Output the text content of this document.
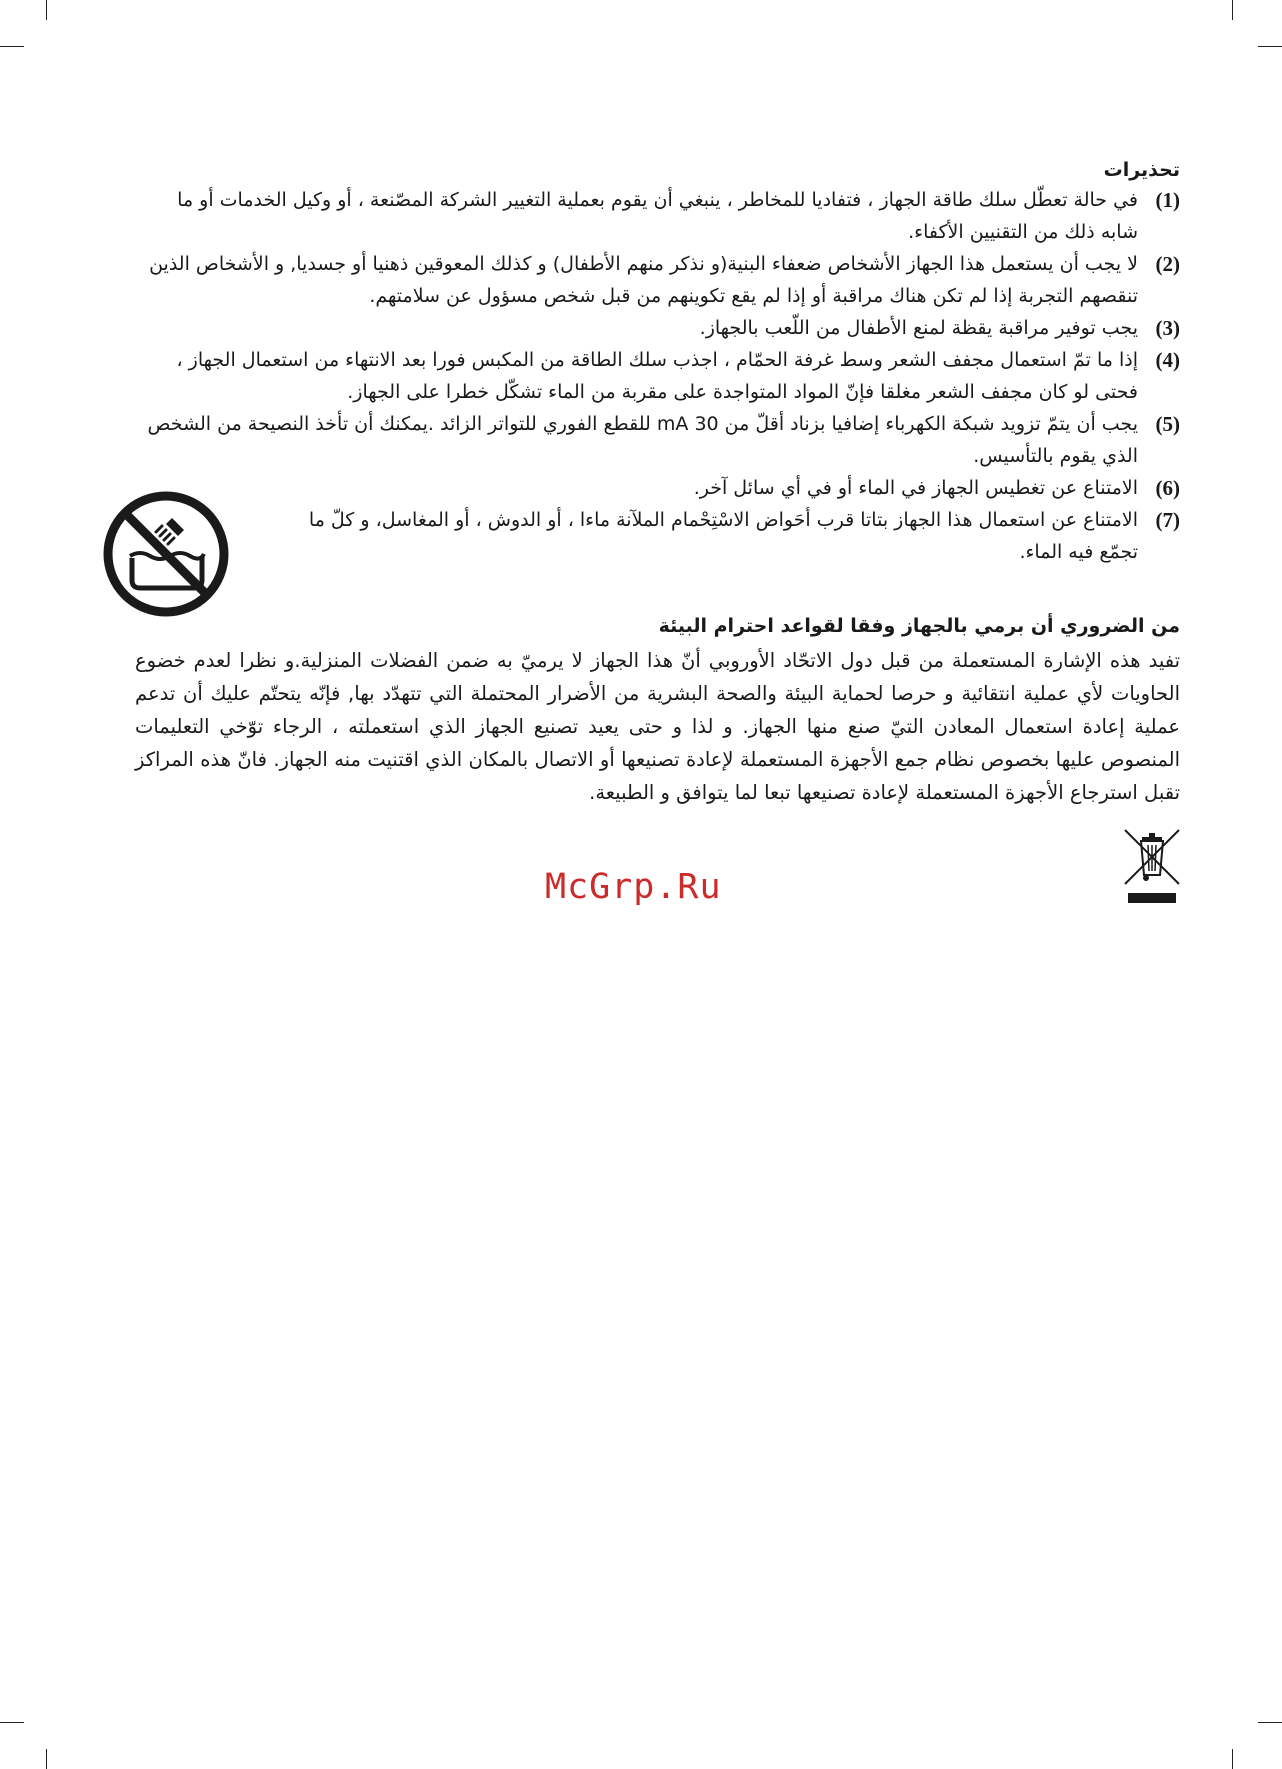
تحذيرات
(1)
في حالة تعطّل سلك طاقة الجهاز ، فتفاديا للمخاطر ، ينبغي أن يقوم بعملية التغيير الشركة المصّنعة ، أو وكيل الخدمات أو ما شابه ذلك من التقنيين الأكفاء.
(2)
لا يجب أن يستعمل هذا الجهاز الأشخاص ضعفاء البنية(و نذكر منهم الأطفال) و كذلك المعوقين ذهنيا أو جسديا, و الأشخاص الذين تنقصهم التجربة إذا لم تكن هناك مراقبة أو إذا لم يقع تكوينهم من قبل شخص مسؤول عن سلامتهم.
(3)
يجب توفير مراقبة يقظة لمنع الأطفال من اللّعب بالجهاز.
(4)
إذا ما تمّ استعمال مجفف الشعر وسط غرفة الحمّام ، اجذب سلك الطاقة من المكبس فورا بعد الانتهاء من استعمال الجهاز ، فحتى لو كان مجفف الشعر مغلقا فإنّ المواد المتواجدة على مقربة من الماء تشكّل خطرا على الجهاز.
(5)
يجب أن يتمّ تزويد شبكة الكهرباء إضافيا بزناد أقلّ من 30 mA للقطع الفوري للتواتر الزائد .يمكنك أن تأخذ النصيحة من الشخص الذي يقوم بالتأسيس.
(6)
الامتناع عن تغطيس الجهاز في الماء أو في أي سائل آخر.
(7)
الامتناع عن استعمال هذا الجهاز بتاتا قرب أحَواض الاسْتِحْمام الملآنة ماءا ، أو الدوش ، أو المغاسل، و كلّ ما تجمّع فيه الماء.
من الضروري أن برمي بالجهاز وفقا لقواعد احترام البيئة

تفيد هذه الإشارة المستعملة من قبل دول الاتحّاد الأوروبي أنّ هذا الجهاز لا يرميّ به ضمن الفضلات المنزلية.و نظرا لعدم خضوع الحاويات لأي عملية انتقائية و حرصا لحماية البيئة والصحة البشرية من الأضرار المحتملة التي تتهدّد بها, فإنّه يتحتّم عليك أن تدعم عملية إعادة استعمال المعادن التيّ صنع منها الجهاز. و لذا و حتى يعيد تصنيع الجهاز الذي استعملته ، الرجاء توّخي التعليمات المنصوص عليها بخصوص نظام جمع الأجهزة المستعملة لإعادة تصنيعها أو الاتصال بالمكان الذي اقتنيت منه الجهاز. فانّ هذه المراكز تقبل استرجاع الأجهزة المستعملة لإعادة تصنيعها تبعا لما يتوافق و الطبيعة.

McGrp.Ru
